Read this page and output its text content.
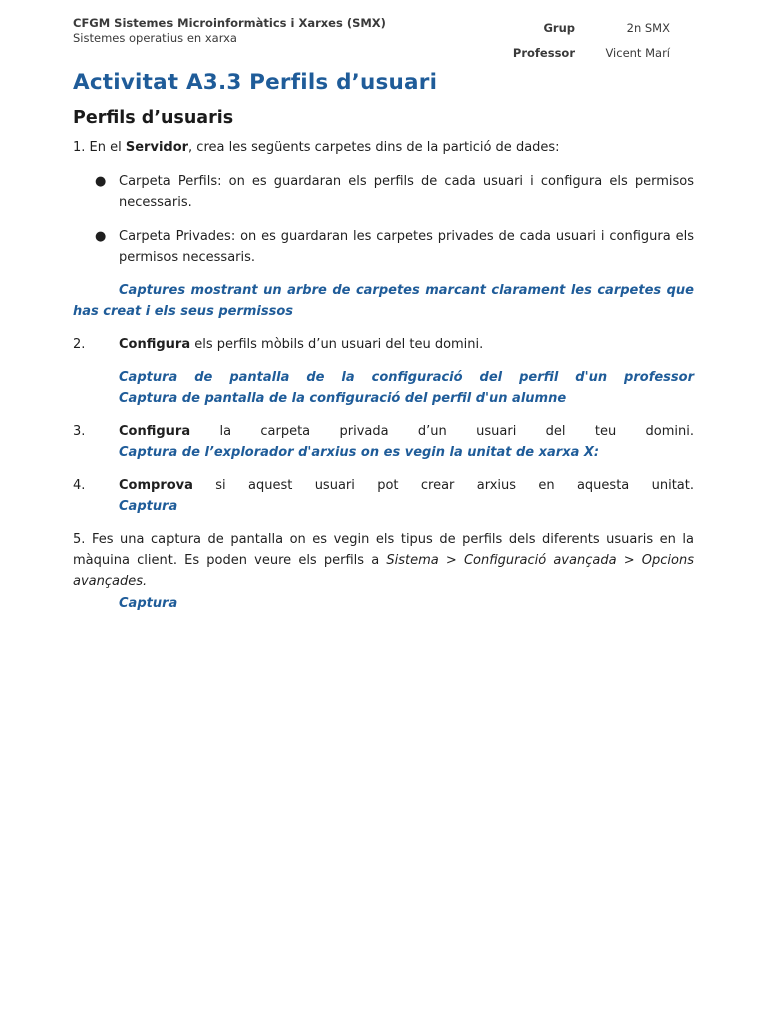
CFGM Sistemes Microinformàtics i Xarxes (SMX)
Sistemes operatius en xarxa
Grup	2n SMX
Professor	Vicent Marí
Activitat A3.3 Perfils d’usuari
Perfils d’usuaris

1. En el Servidor, crea les següents carpetes dins de la partició de dades:

● Carpeta Perfils: on es guardaran els perfils de cada usuari i configura els permisos necessaris.
● Carpeta Privades: on es guardaran les carpetes privades de cada usuari i configura els permisos necessaris.

Captures mostrant un arbre de carpetes marcant clarament les carpetes que has creat i els seus permissos

2.	Configura els perfils mòbils d’un usuari del teu domini.

Captura de pantalla de la configuració del perfil d'un professor

Captura de pantalla de la configuració del perfil d'un alumne

3.	Configura la carpeta privada d’un usuari del teu domini.

Captura de l’explorador d'arxius on es vegin la unitat de xarxa X:

4.	Comprova si aquest usuari pot crear arxius en aquesta unitat.

Captura

5. Fes una captura de pantalla on es vegin els tipus de perfils dels diferents usuaris en la màquina client. Es poden veure els perfils a Sistema > Configuració avançada > Opcions avançades.

Captura
